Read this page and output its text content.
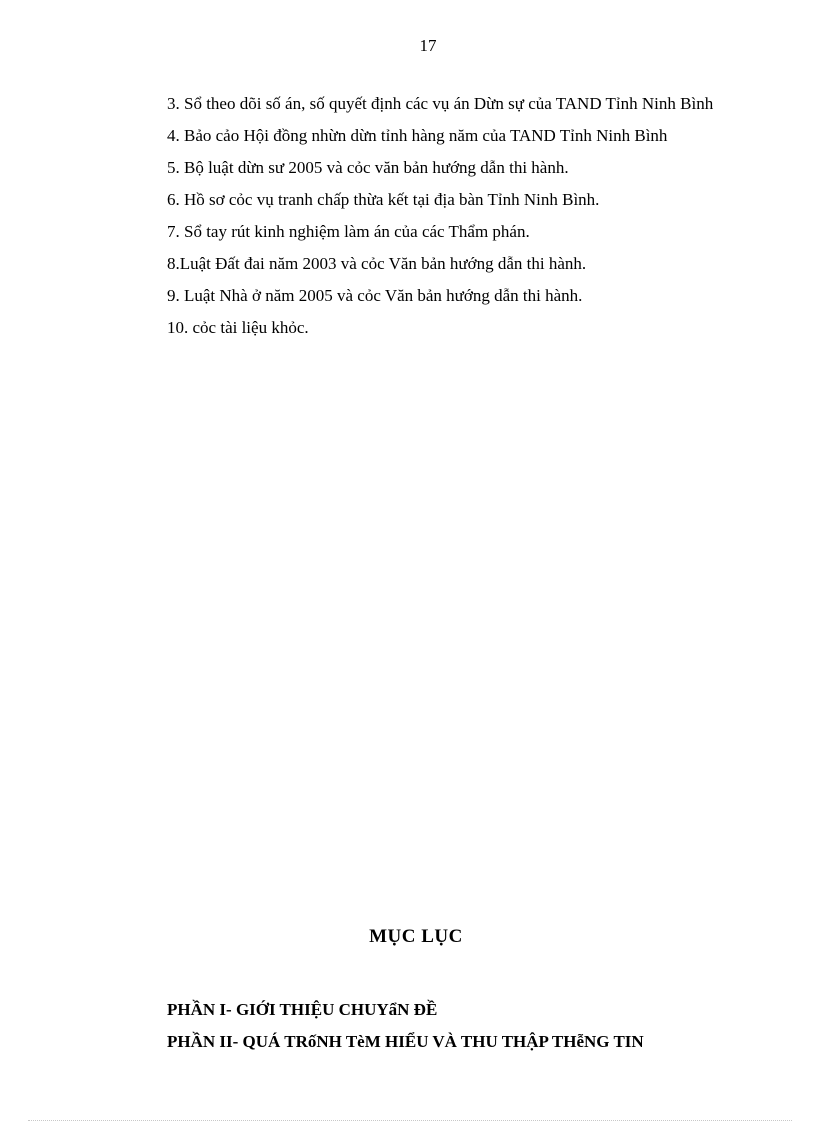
17

3. Sổ theo dõi số án, số quyết định các vụ án Dừn sự của TAND Tỉnh Ninh Bình

4. Bảo cảo Hội đồng nhừn dừn tỉnh hàng năm của TAND Tỉnh Ninh Bình

5. Bộ luật dừn sư 2005 và cỏc văn bản hướng dẫn thi hành.

6. Hồ sơ cỏc vụ tranh chấp thừa kết tại địa bàn Tỉnh Ninh Bình.

7. Sổ tay rút kinh nghiệm làm án của các Thẩm phán.

8.Luật Đất đai năm 2003 và cỏc Văn bản hướng dẫn thi hành.

9. Luật Nhà ở năm 2005 và cỏc Văn bản hướng dẫn thi hành.

10. cỏc tài liệu khỏc.

MỤC LỤC

PHẦN I- GIỚI THIỆU CHUYẩN ĐỀ

PHẦN II- QUÁ TRốNH TèM HIỂU VÀ THU THẬP THễNG TIN
